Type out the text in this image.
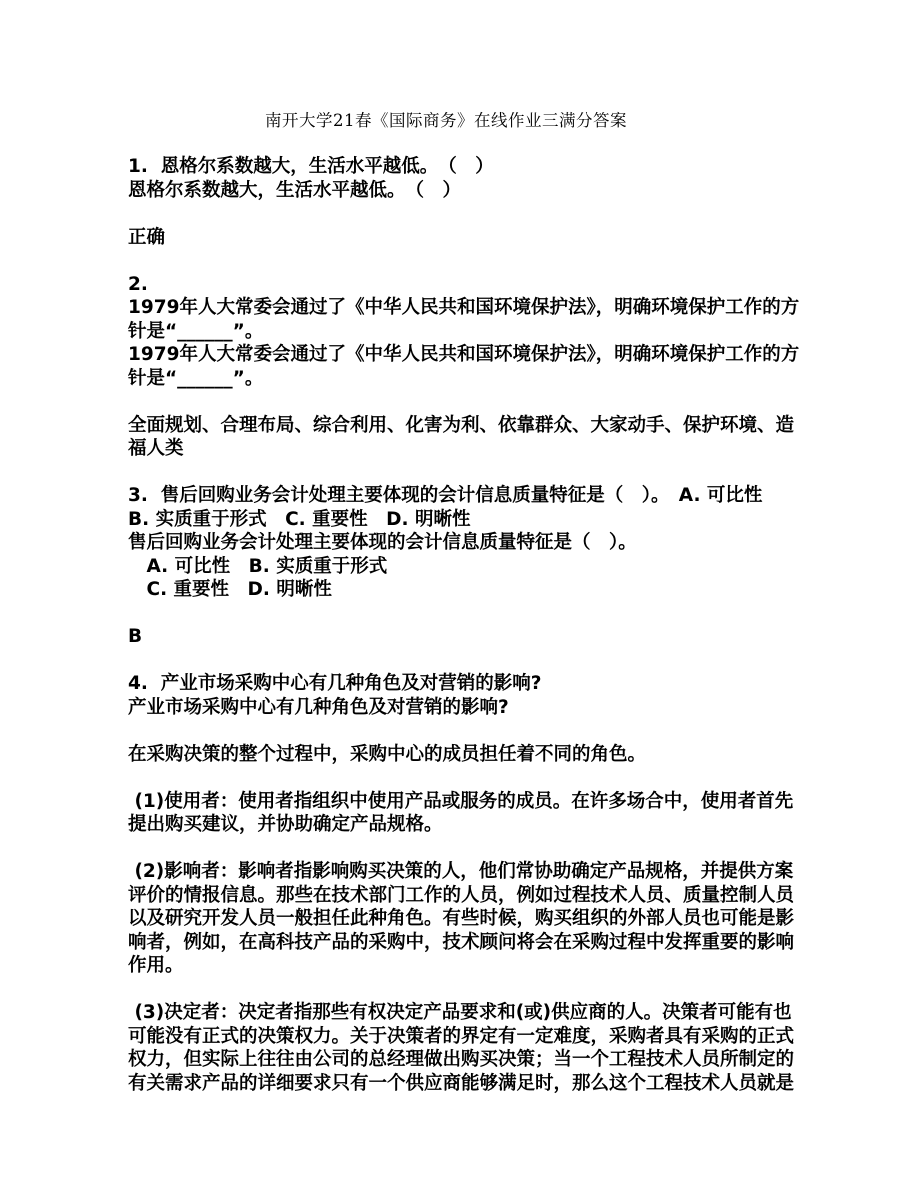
南开大学21春《国际商务》在线作业三满分答案
1.  恩格尔系数越大，生活水平越低。　（　）
恩格尔系数越大，生活水平越低。　（　）
正确
2.
1979年人大常委会通过了《中华人民共和国环境保护法》，明确环境保护工作的方
针是“______”。
1979年人大常委会通过了《中华人民共和国环境保护法》，明确环境保护工作的方
针是“______”。
全面规划、合理布局、综合利用、化害为利、依靠群众、大家动手、保护环境、造
福人类
3.  售后回购业务会计处理主要体现的会计信息质量特征是（　）。　A. 可比性
B. 实质重于形式　C. 重要性　D. 明晰性
售后回购业务会计处理主要体现的会计信息质量特征是（　）。
　A. 可比性　B. 实质重于形式
　C. 重要性　D. 明晰性
B
4.  产业市场采购中心有几种角色及对营销的影响?
产业市场采购中心有几种角色及对营销的影响?
在采购决策的整个过程中，采购中心的成员担任着不同的角色。
(1)使用者：使用者指组织中使用产品或服务的成员。在许多场合中，使用者首先
提出购买建议，并协助确定产品规格。
(2)影响者：影响者指影响购买决策的人，他们常协助确定产品规格，并提供方案
评价的情报信息。那些在技术部门工作的人员，例如过程技术人员、质量控制人员
以及研究开发人员一般担任此种角色。有些时候，购买组织的外部人员也可能是影
响者，例如，在高科技产品的采购中，技术顾问将会在采购过程中发挥重要的影响
作用。
(3)决定者：决定者指那些有权决定产品要求和(或)供应商的人。决策者可能有也
可能没有正式的决策权力。关于决策者的界定有一定难度，采购者具有采购的正式
权力，但实际上往往由公司的总经理做出购买决策；当一个工程技术人员所制定的
有关需求产品的详细要求只有一个供应商能够满足时，那么这个工程技术人员就是
